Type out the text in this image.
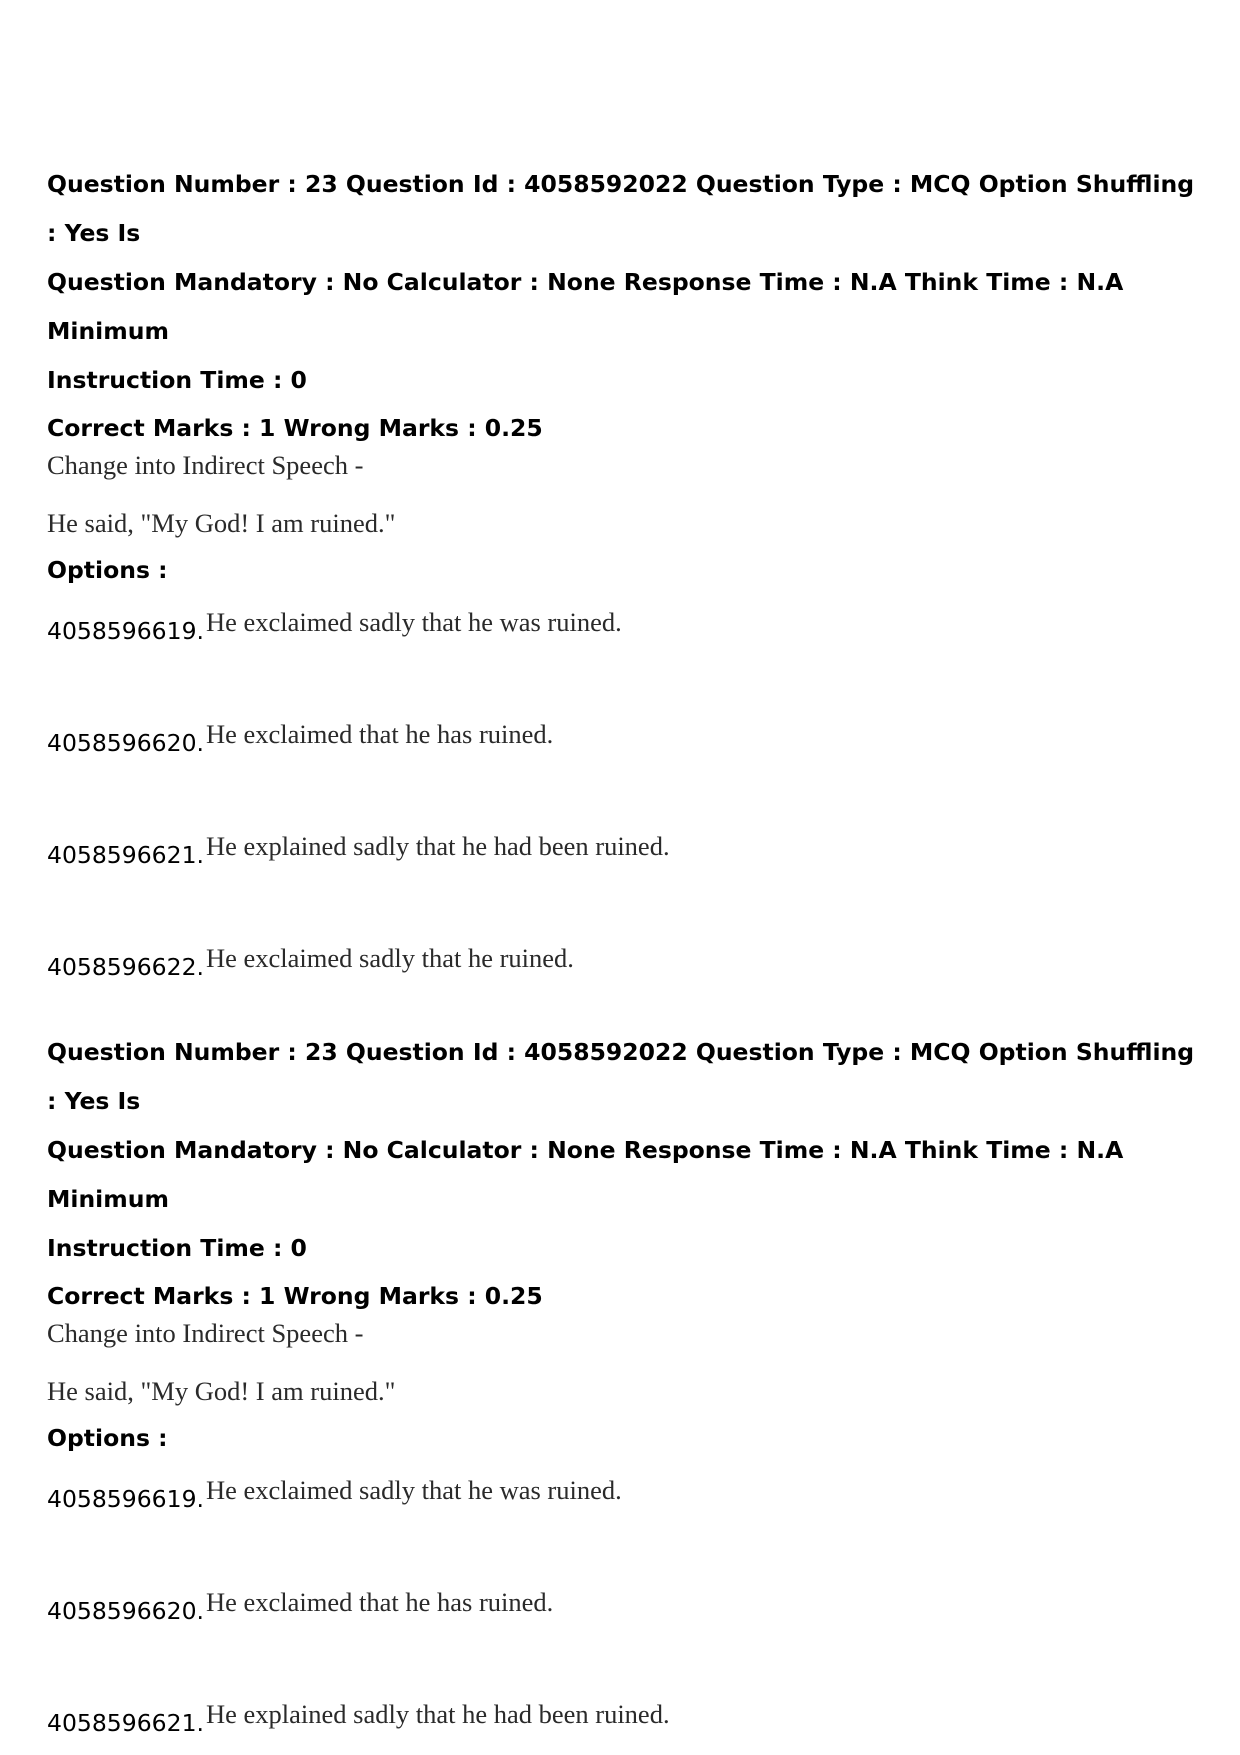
Question Number : 23 Question Id : 4058592022 Question Type : MCQ Option Shuffling : Yes Is

Question Mandatory : No Calculator : None Response Time : N.A Think Time : N.A Minimum

Instruction Time : 0

Correct Marks : 1 Wrong Marks : 0.25

Change into Indirect Speech -

He said, "My God! I am ruined."

Options :

4058596619.He exclaimed sadly that he was ruined.
4058596620.He exclaimed that he has ruined.
4058596621.He explained sadly that he had been ruined.
4058596622.He exclaimed sadly that he ruined.

Question Number : 23 Question Id : 4058592022 Question Type : MCQ Option Shuffling : Yes Is

Question Mandatory : No Calculator : None Response Time : N.A Think Time : N.A Minimum

Instruction Time : 0

Correct Marks : 1 Wrong Marks : 0.25

Change into Indirect Speech -

He said, "My God! I am ruined."

Options :

4058596619.He exclaimed sadly that he was ruined.
4058596620.He exclaimed that he has ruined.
4058596621.He explained sadly that he had been ruined.
